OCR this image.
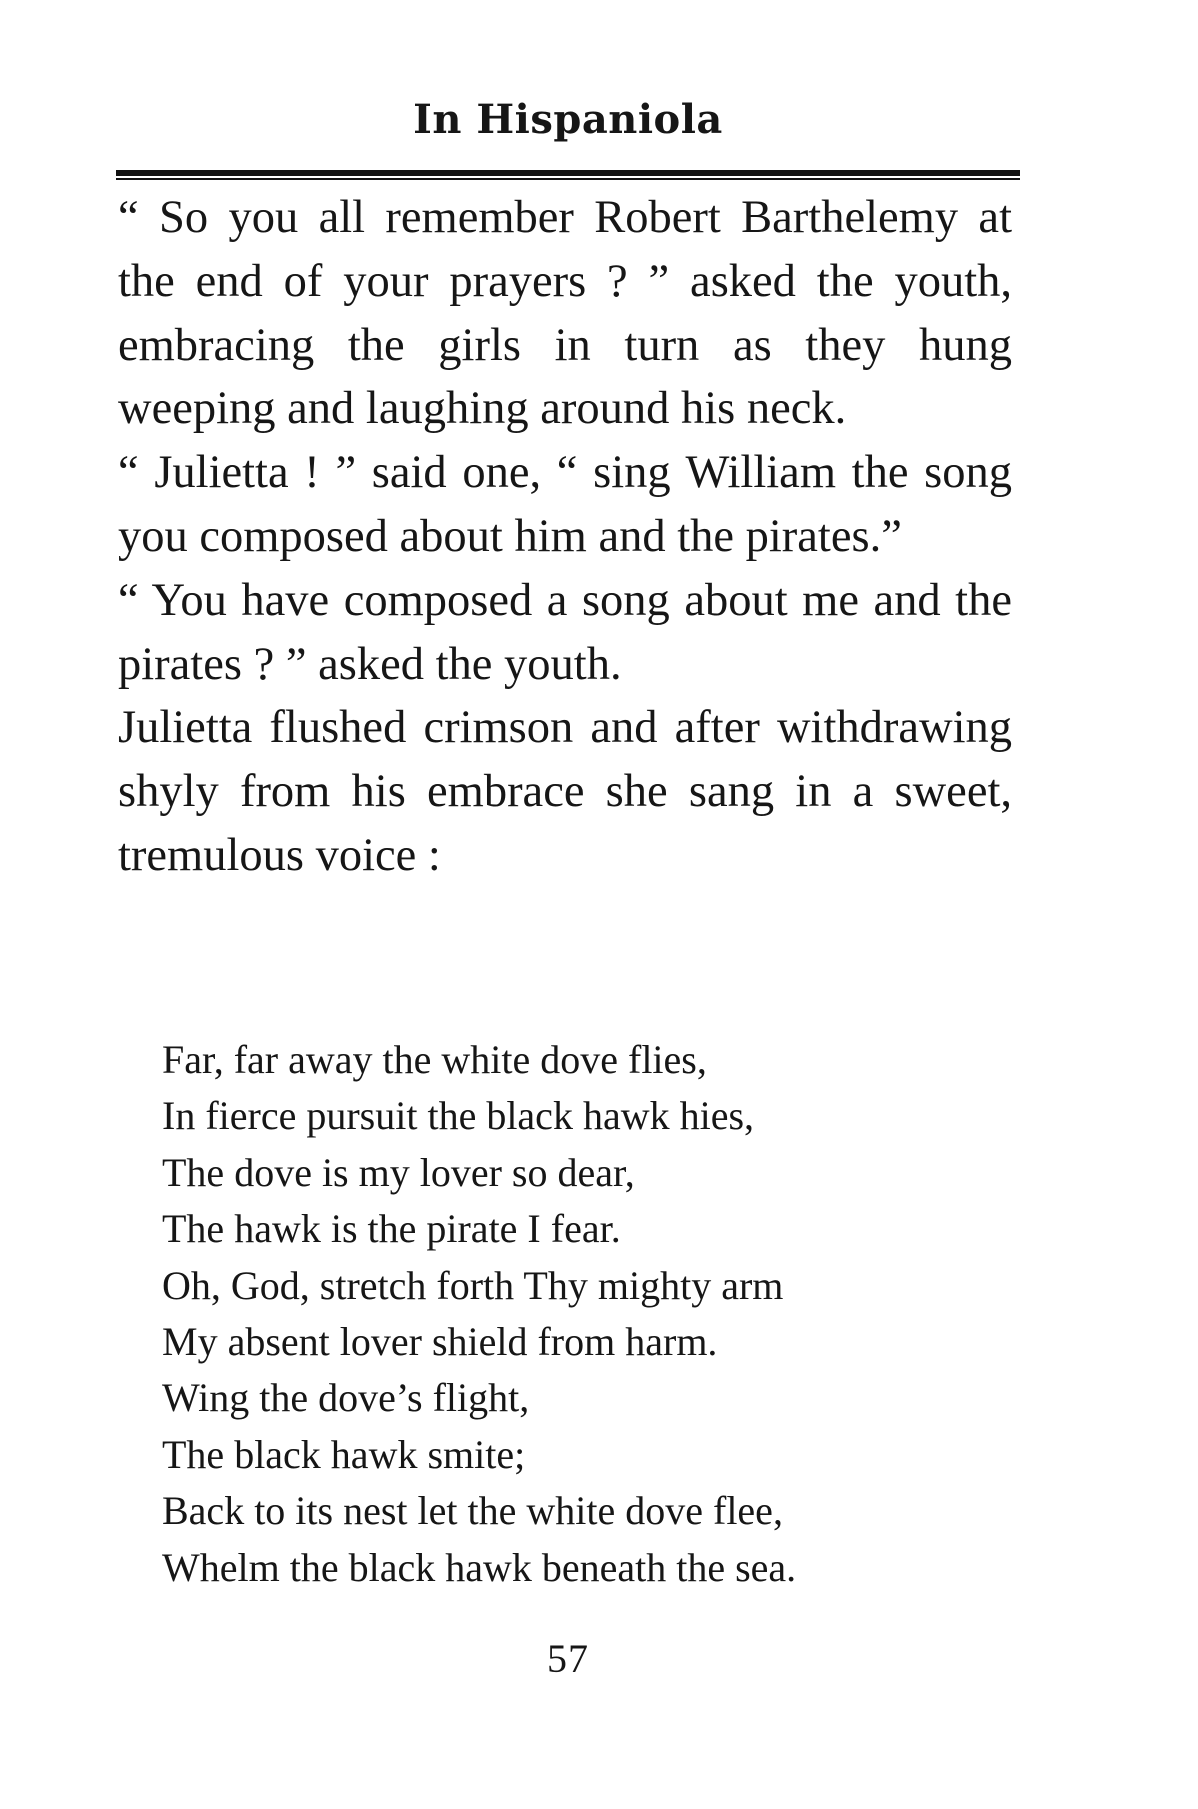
In Hispaniola

“ So you all remember Robert Barthelemy at the end of your prayers ? ” asked the youth, embracing the girls in turn as they hung weeping and laughing around his neck.

“ Julietta ! ” said one, “ sing William the song you composed about him and the pirates.”

“ You have composed a song about me and the pirates ? ” asked the youth.

Julietta flushed crimson and after withdrawing shyly from his embrace she sang in a sweet, tremulous voice :

Far, far away the white dove flies,
In fierce pursuit the black hawk hies,
The dove is my lover so dear,
The hawk is the pirate I fear.
Oh, God, stretch forth Thy mighty arm
My absent lover shield from harm.
Wing the dove’s flight,
The black hawk smite;
Back to its nest let the white dove flee,
Whelm the black hawk beneath the sea.
57
